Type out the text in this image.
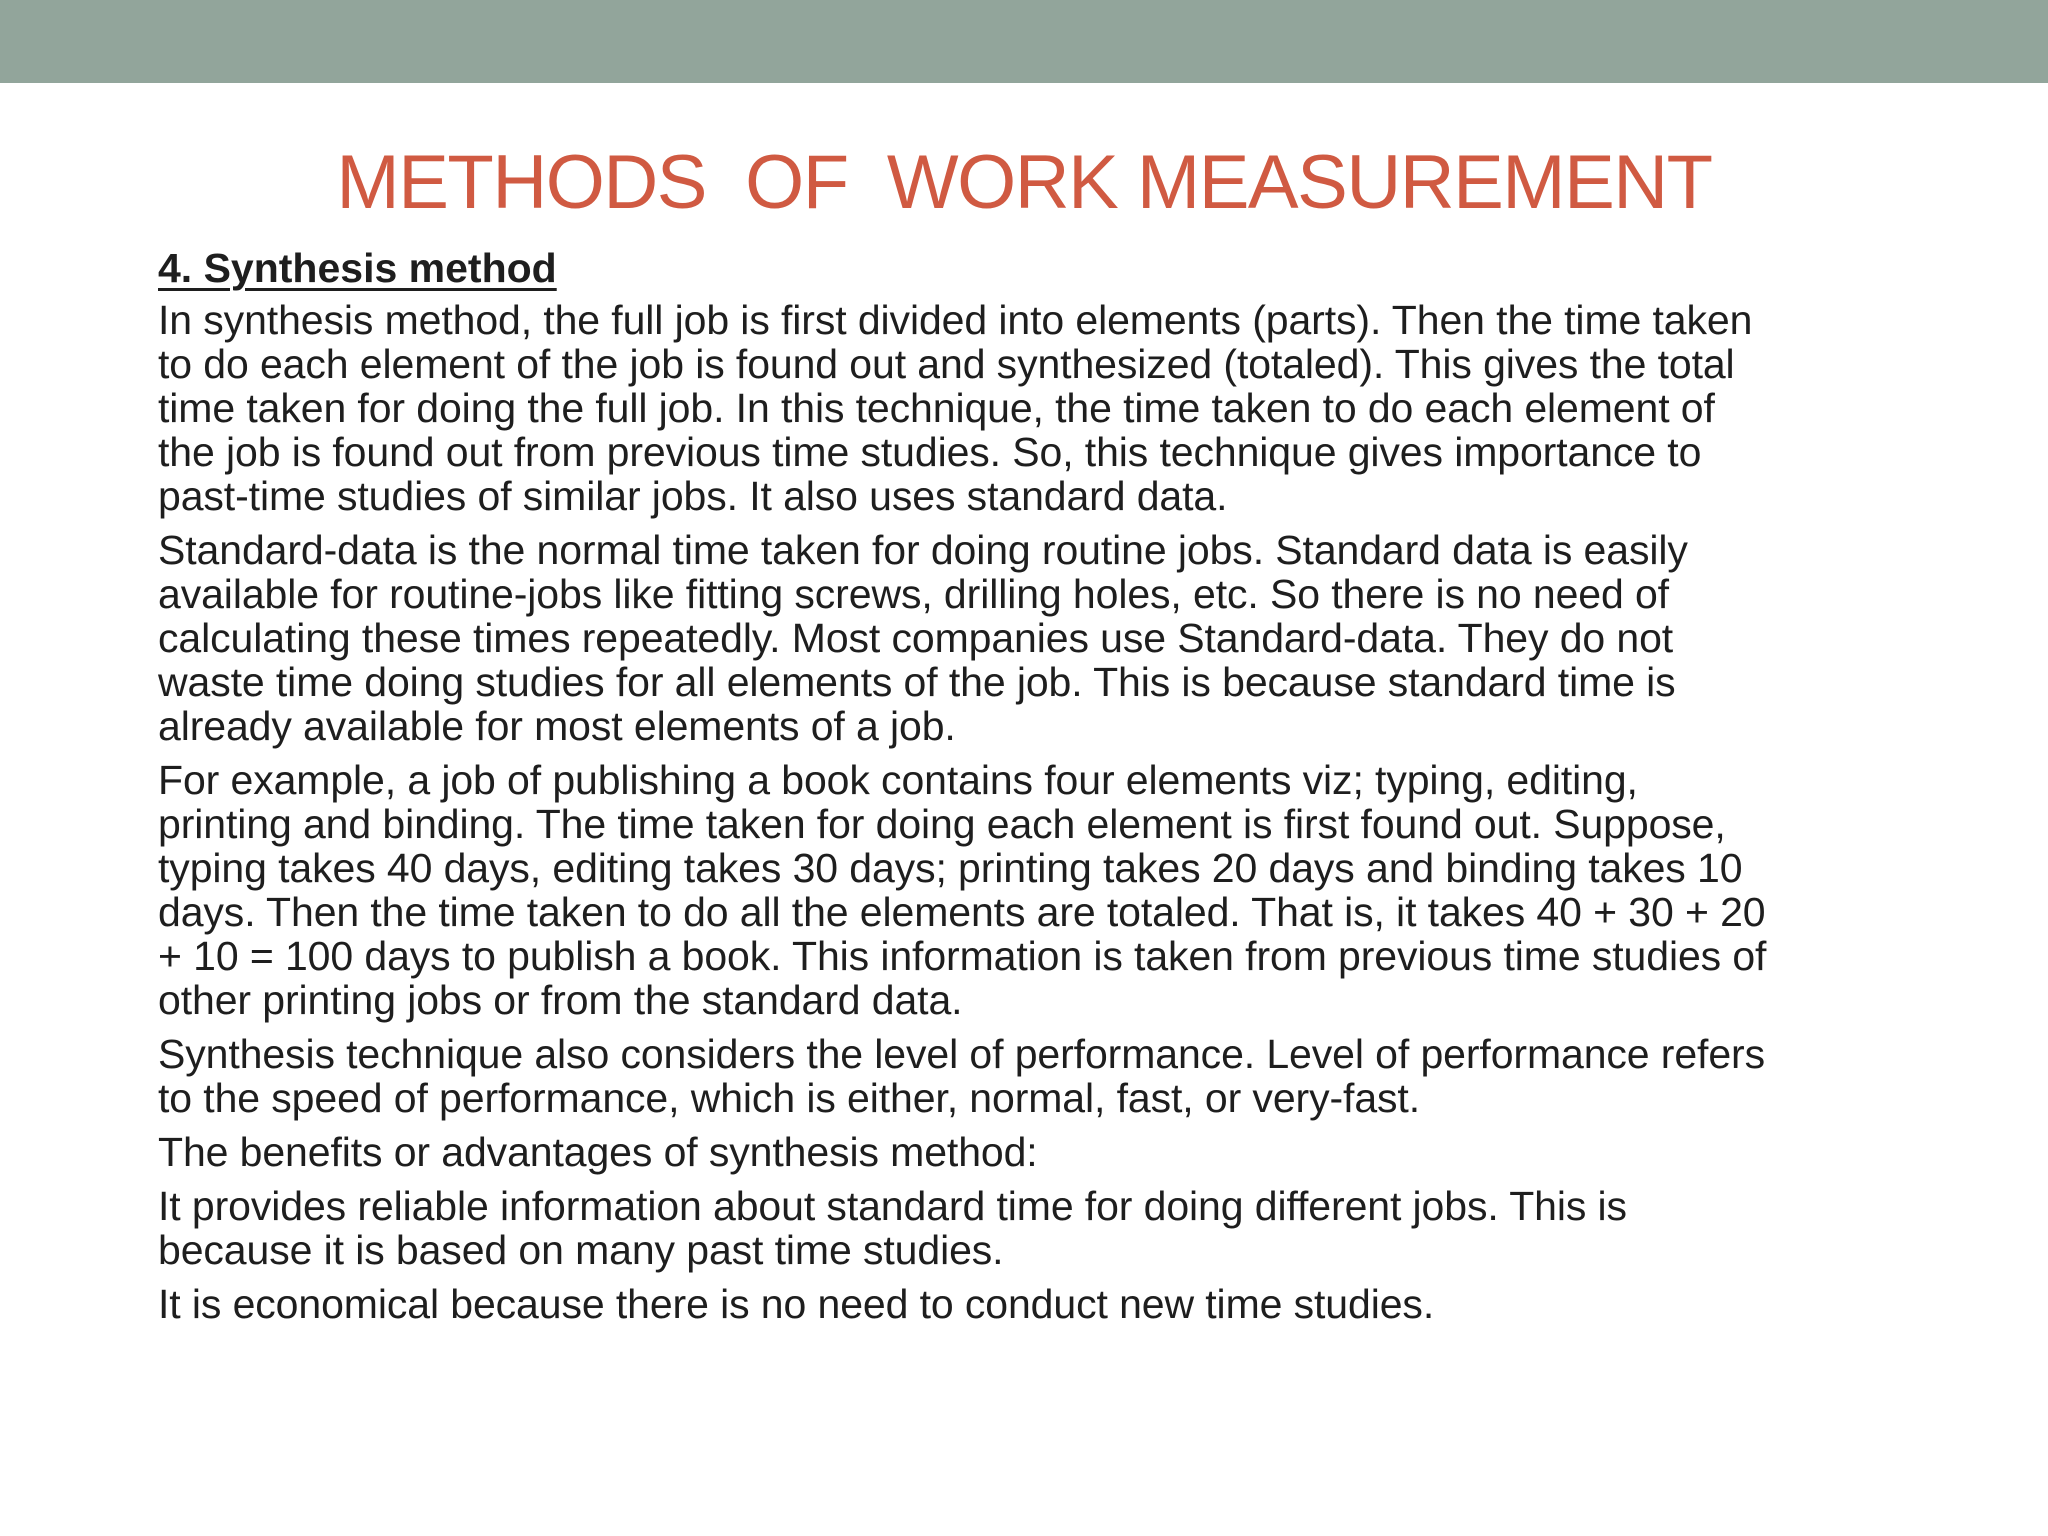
METHODS  OF  WORK MEASUREMENT

4. Synthesis method

In synthesis method, the full job is first divided into elements (parts). Then the time taken
to do each element of the job is found out and synthesized (totaled). This gives the total
time taken for doing the full job. In this technique, the time taken to do each element of
the job is found out from previous time studies. So, this technique gives importance to
past-time studies of similar jobs. It also uses standard data.

Standard-data is the normal time taken for doing routine jobs. Standard data is easily
available for routine-jobs like fitting screws, drilling holes, etc. So there is no need of
calculating these times repeatedly. Most companies use Standard-data. They do not
waste time doing studies for all elements of the job. This is because standard time is
already available for most elements of a job.

For example, a job of publishing a book contains four elements viz; typing, editing,
printing and binding. The time taken for doing each element is first found out. Suppose,
typing takes 40 days, editing takes 30 days; printing takes 20 days and binding takes 10
days. Then the time taken to do all the elements are totaled. That is, it takes 40 + 30 + 20
+ 10 = 100 days to publish a book. This information is taken from previous time studies of
other printing jobs or from the standard data.

Synthesis technique also considers the level of performance. Level of performance refers
to the speed of performance, which is either, normal, fast, or very-fast.

The benefits or advantages of synthesis method:

It provides reliable information about standard time for doing different jobs. This is
because it is based on many past time studies.

It is economical because there is no need to conduct new time studies.
